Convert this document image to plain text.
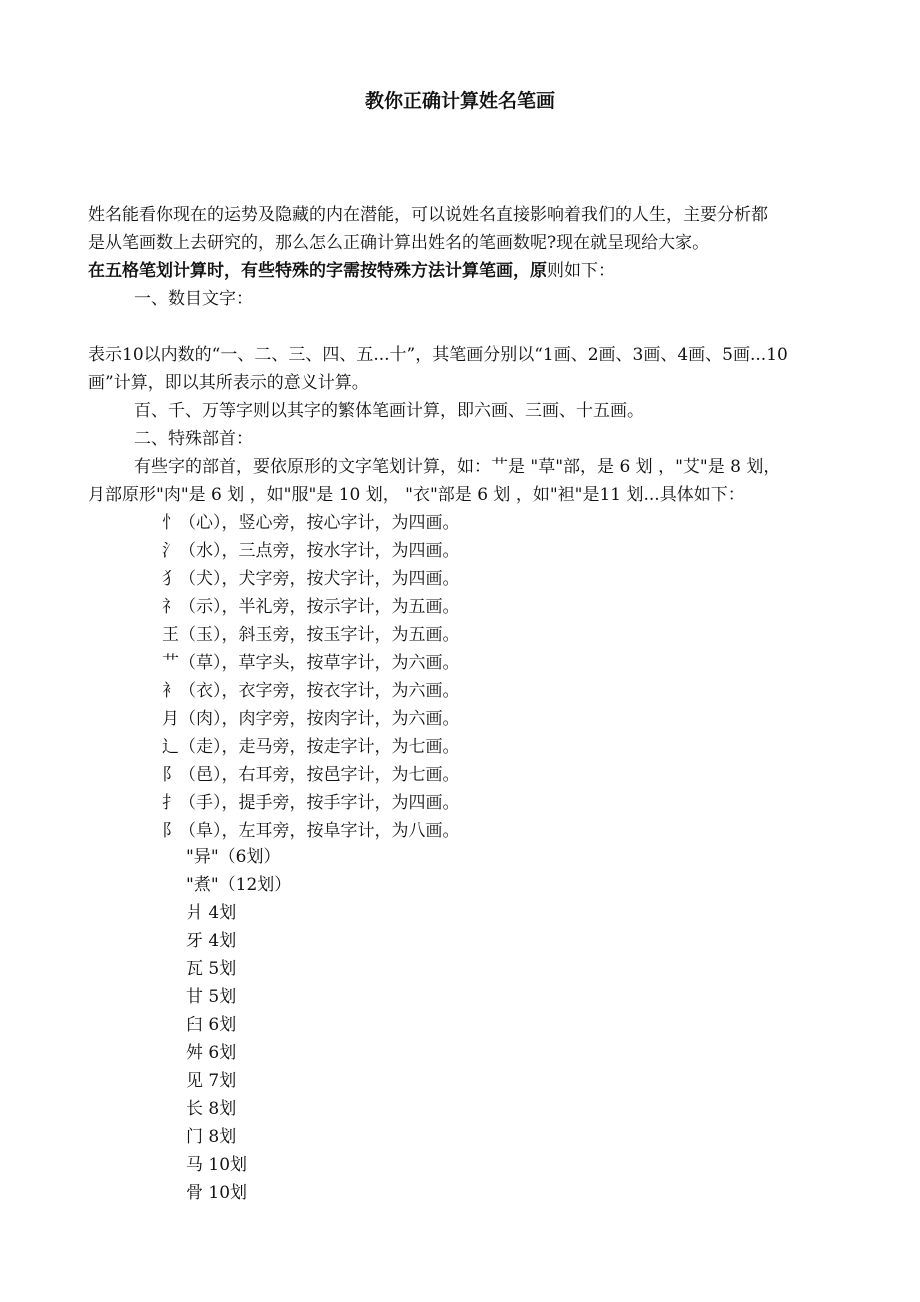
教你正确计算姓名笔画
姓名能看你现在的运势及隐藏的内在潜能，可以说姓名直接影响着我们的人生，主要分析都
是从笔画数上去研究的，那么怎么正确计算出姓名的笔画数呢?现在就呈现给大家。
在五格笔划计算时，有些特殊的字需按特殊方法计算笔画，原则如下：
一、数目文字：
表示10以内数的“一、二、三、四、五...十”，其笔画分别以“1画、2画、3画、4画、5画...10
画”计算，即以其所表示的意义计算。
百、千、万等字则以其字的繁体笔画计算，即六画、三画、十五画。
二、特殊部首：
有些字的部首，要依原形的文字笔划计算，如：艹是 "草"部，是 6 划 ，"艾"是 8 划，
月部原形"肉"是 6 划 ，如"服"是 10 划， "衣"部是 6 划 ，如"袒"是11 划...具体如下：
忄（心），竖心旁，按心字计，为四画。
氵（水），三点旁，按水字计，为四画。
犭（犬），犬字旁，按犬字计，为四画。
礻（示），半礼旁，按示字计，为五画。
王（玉），斜玉旁，按玉字计，为五画。
艹（草），草字头，按草字计，为六画。
衤（衣），衣字旁，按衣字计，为六画。
月（肉），肉字旁，按肉字计，为六画。
辶（走），走马旁，按走字计，为七画。
阝（邑），右耳旁，按邑字计，为七画。
扌（手），提手旁，按手字计，为四画。
阝（阜），左耳旁，按阜字计，为八画。
"异"（6划）
"煮"（12划）
爿 4划
牙 4划
瓦 5划
甘 5划
臼 6划
舛 6划
见 7划
长 8划
门 8划
马 10划
骨 10划
